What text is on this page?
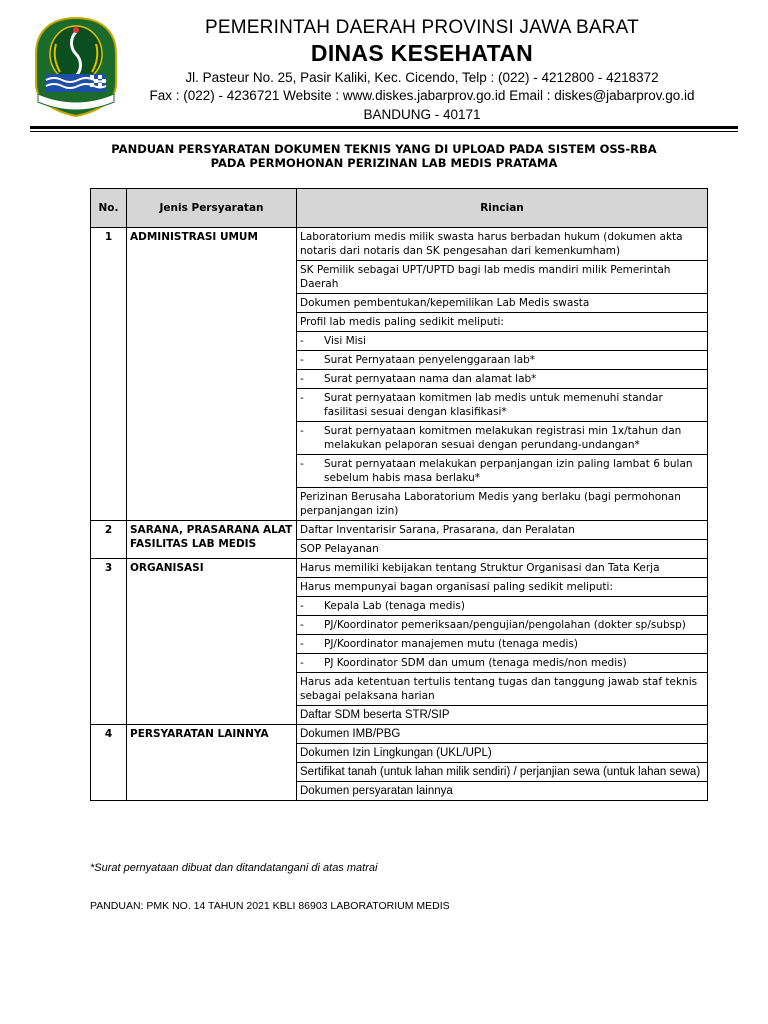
PEMERINTAH DAERAH PROVINSI JAWA BARAT
DINAS KESEHATAN
Jl. Pasteur No. 25, Pasir Kaliki, Kec. Cicendo, Telp : (022) - 4212800 - 4218372
Fax : (022) - 4236721 Website : www.diskes.jabarprov.go.id Email : diskes@jabarprov.go.id
BANDUNG - 40171
PANDUAN PERSYARATAN DOKUMEN TEKNIS YANG DI UPLOAD PADA SISTEM OSS-RBA
PADA PERMOHONAN PERIZINAN LAB MEDIS PRATAMA
No.	Jenis Persyaratan	Rincian
1	ADMINISTRASI UMUM	Laboratorium medis milik swasta harus berbadan hukum (dokumen akta notaris dari notaris dan SK pengesahan dari kemenkumham)
		SK Pemilik sebagai UPT/UPTD bagi lab medis mandiri milik Pemerintah Daerah
		Dokumen pembentukan/kepemilikan Lab Medis swasta
		Profil lab medis paling sedikit meliputi:
		- Visi Misi
		- Surat Pernyataan penyelenggaraan lab*
		- Surat pernyataan nama dan alamat lab*
		- Surat pernyataan komitmen lab medis untuk memenuhi standar fasilitasi sesuai dengan klasifikasi*
		- Surat pernyataan komitmen melakukan registrasi min 1x/tahun dan melakukan pelaporan sesuai dengan perundang-undangan*
		- Surat pernyataan melakukan perpanjangan izin paling lambat 6 bulan sebelum habis masa berlaku*
		Perizinan Berusaha Laboratorium Medis yang berlaku (bagi permohonan perpanjangan izin)
2	SARANA, PRASARANA ALAT FASILITAS LAB MEDIS	Daftar Inventarisir Sarana, Prasarana, dan Peralatan
		SOP Pelayanan
3	ORGANISASI	Harus memiliki kebijakan tentang Struktur Organisasi dan Tata Kerja
		Harus mempunyai bagan organisasi paling sedikit meliputi:
		- Kepala Lab (tenaga medis)
		- PJ/Koordinator pemeriksaan/pengujian/pengolahan (dokter sp/subsp)
		- PJ/Koordinator manajemen mutu (tenaga medis)
		- PJ Koordinator SDM dan umum (tenaga medis/non medis)
		Harus ada ketentuan tertulis tentang tugas dan tanggung jawab staf teknis sebagai pelaksana harian
		Daftar SDM beserta STR/SIP
4	PERSYARATAN LAINNYA	Dokumen IMB/PBG
		Dokumen Izin Lingkungan (UKL/UPL)
		Sertifikat tanah (untuk lahan milik sendiri) / perjanjian sewa (untuk lahan sewa)
		Dokumen persyaratan lainnya
*Surat pernyataan dibuat dan ditandatangani di atas matrai
PANDUAN: PMK NO. 14 TAHUN 2021 KBLI 86903 LABORATORIUM MEDIS
